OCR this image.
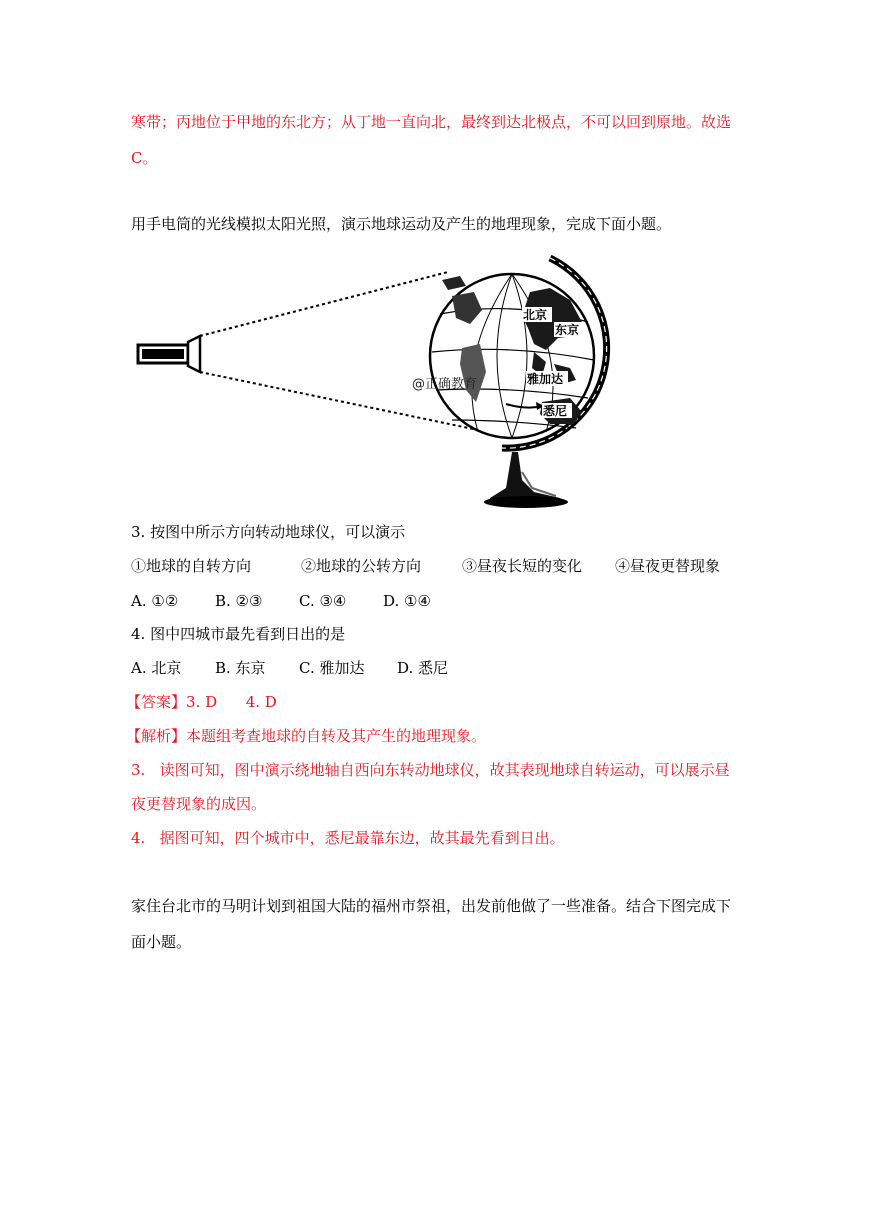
寒带；丙地位于甲地的东北方；从丁地一直向北，最终到达北极点，不可以回到原地。故选
C。
用手电筒的光线模拟太阳光照，演示地球运动及产生的地理现象，完成下面小题。
北京
东京
雅加达
悉尼
@正确教育
3. 按图中所示方向转动地球仪，可以演示
①地球的自转方向	②地球的公转方向	③昼夜长短的变化 ④昼夜更替现象
A. ①② B. ②③ C. ③④ D. ①④
4. 图中四城市最先看到日出的是
A. 北京 B. 东京 C. 雅加达 D. 悉尼
【答案】3. D      4. D
【解析】本题组考查地球的自转及其产生的地理现象。
3.   读图可知，图中演示绕地轴自西向东转动地球仪，故其表现地球自转运动，可以展示昼
夜更替现象的成因。
4.   据图可知，四个城市中，悉尼最靠东边，故其最先看到日出。
家住台北市的马明计划到祖国大陆的福州市祭祖，出发前他做了一些准备。结合下图完成下
面小题。
